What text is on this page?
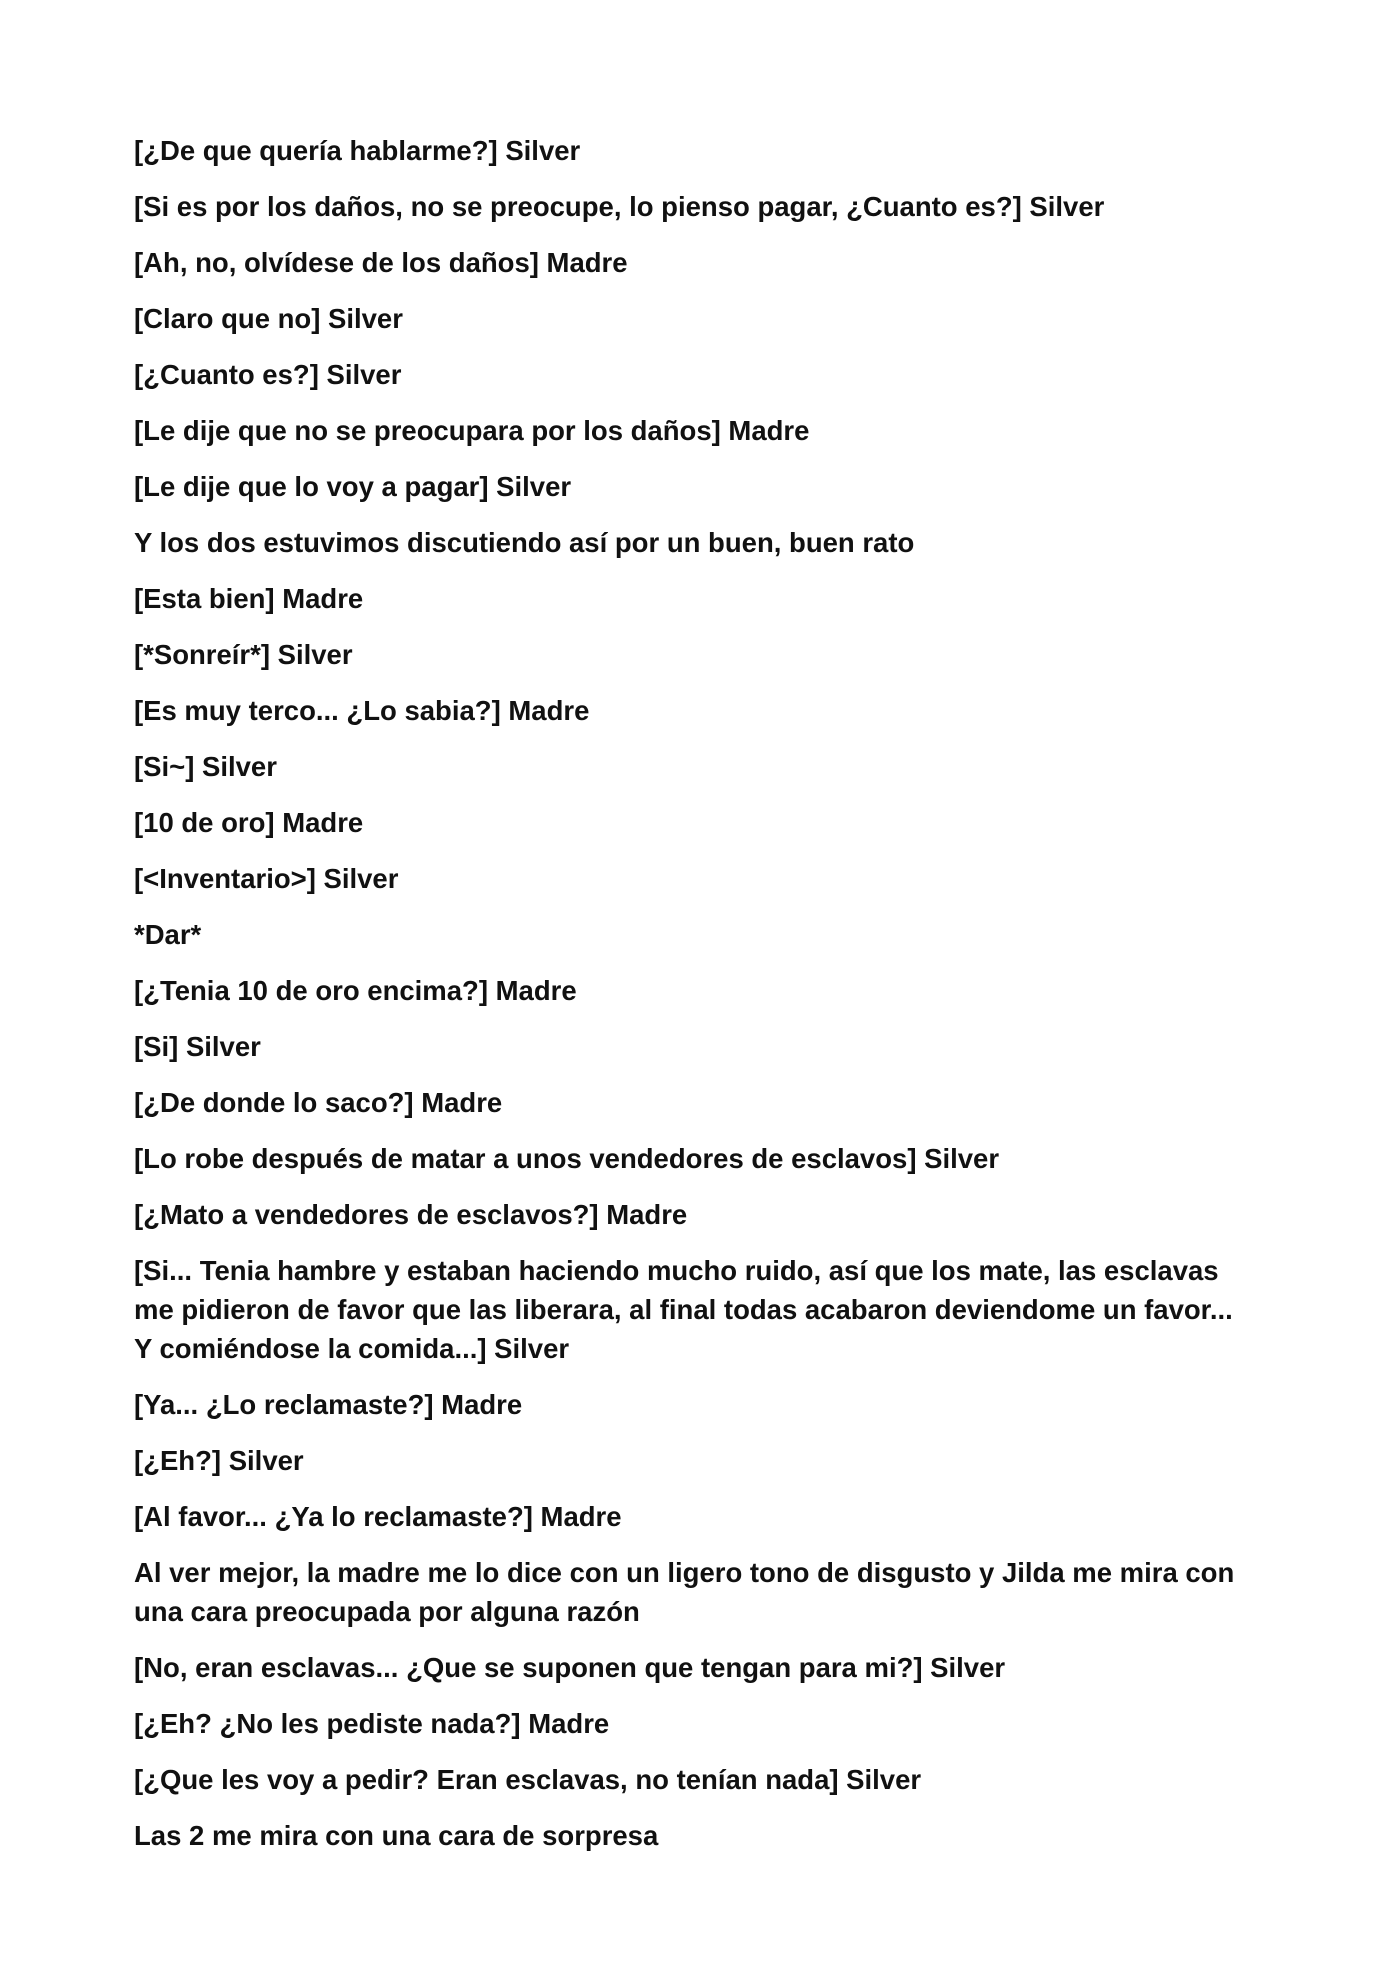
[¿De que quería hablarme?] Silver

[Si es por los daños, no se preocupe, lo pienso pagar, ¿Cuanto es?] Silver

[Ah, no, olvídese de los daños] Madre

[Claro que no] Silver

[¿Cuanto es?] Silver

[Le dije que no se preocupara por los daños] Madre

[Le dije que lo voy a pagar] Silver

Y los dos estuvimos discutiendo así por un buen, buen rato

[Esta bien] Madre

[*Sonreír*] Silver

[Es muy terco... ¿Lo sabia?] Madre

[Si~] Silver

[10 de oro] Madre

[<Inventario>] Silver

*Dar*

[¿Tenia 10 de oro encima?] Madre

[Si] Silver

[¿De donde lo saco?] Madre

[Lo robe después de matar a unos vendedores de esclavos] Silver

[¿Mato a vendedores de esclavos?] Madre

[Si... Tenia hambre y estaban haciendo mucho ruido, así que los mate, las esclavas
me pidieron de favor que las liberara, al final todas acabaron deviendome un favor...
Y comiéndose la comida...] Silver

[Ya... ¿Lo reclamaste?] Madre

[¿Eh?] Silver

[Al favor... ¿Ya lo reclamaste?] Madre

Al ver mejor, la madre me lo dice con un ligero tono de disgusto y Jilda me mira con
una cara preocupada por alguna razón

[No, eran esclavas... ¿Que se suponen que tengan para mi?] Silver

[¿Eh? ¿No les pediste nada?] Madre

[¿Que les voy a pedir? Eran esclavas, no tenían nada] Silver

Las 2 me mira con una cara de sorpresa
